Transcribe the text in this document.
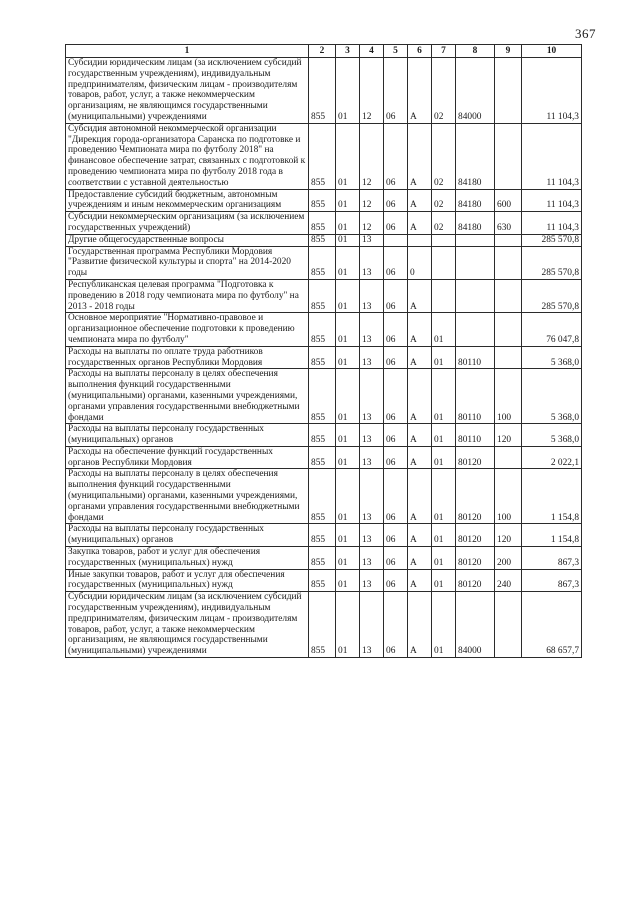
367
1	2	3	4	5	6	7	8	9	10
Субсидии юридическим лицам (за исключением субсидий государственным учреждениям), индивидуальным предпринимателям, физическим лицам - производителям товаров, работ, услуг, а также некоммерческим организациям, не являющимся государственными (муниципальными) учреждениями	855	01	12	06	А	02	84000		11 104,3
Субсидия автономной некоммерческой организации "Дирекция города-организатора Саранска по подготовке и проведению Чемпионата мира по футболу 2018" на финансовое обеспечение затрат, связанных с подготовкой к проведению чемпионата мира по футболу 2018 года в соответствии с уставной деятельностью	855	01	12	06	А	02	84180		11 104,3
Предоставление субсидий бюджетным, автономным учреждениям и иным некоммерческим организациям	855	01	12	06	А	02	84180	600	11 104,3
Субсидии некоммерческим организациям (за исключением государственных учреждений)	855	01	12	06	А	02	84180	630	11 104,3
Другие общегосударственные вопросы	855	01	13						285 570,8
Государственная программа Республики Мордовия "Развитие физической культуры и спорта" на 2014-2020 годы	855	01	13	06	0				285 570,8
Республиканская целевая программа "Подготовка к проведению в 2018 году чемпионата мира по футболу" на 2013 - 2018 годы	855	01	13	06	А				285 570,8
Основное мероприятие "Нормативно-правовое и организационное обеспечение подготовки к проведению чемпионата мира по футболу"	855	01	13	06	А	01			76 047,8
Расходы на выплаты по оплате труда работников государственных органов Республики Мордовия	855	01	13	06	А	01	80110		5 368,0
Расходы на выплаты персоналу в целях обеспечения выполнения функций государственными (муниципальными) органами, казенными учреждениями, органами управления государственными внебюджетными фондами	855	01	13	06	А	01	80110	100	5 368,0
Расходы на выплаты персоналу государственных (муниципальных) органов	855	01	13	06	А	01	80110	120	5 368,0
Расходы на обеспечение функций государственных органов Республики Мордовия	855	01	13	06	А	01	80120		2 022,1
Расходы на выплаты персоналу в целях обеспечения выполнения функций государственными (муниципальными) органами, казенными учреждениями, органами управления государственными внебюджетными фондами	855	01	13	06	А	01	80120	100	1 154,8
Расходы на выплаты персоналу государственных (муниципальных) органов	855	01	13	06	А	01	80120	120	1 154,8
Закупка товаров, работ и услуг для обеспечения государственных (муниципальных) нужд	855	01	13	06	А	01	80120	200	867,3
Иные закупки товаров, работ и услуг для обеспечения государственных (муниципальных) нужд	855	01	13	06	А	01	80120	240	867,3
Субсидии юридическим лицам (за исключением субсидий государственным учреждениям), индивидуальным предпринимателям, физическим лицам - производителям товаров, работ, услуг, а также некоммерческим организациям, не являющимся государственными (муниципальными) учреждениями	855	01	13	06	А	01	84000		68 657,7
